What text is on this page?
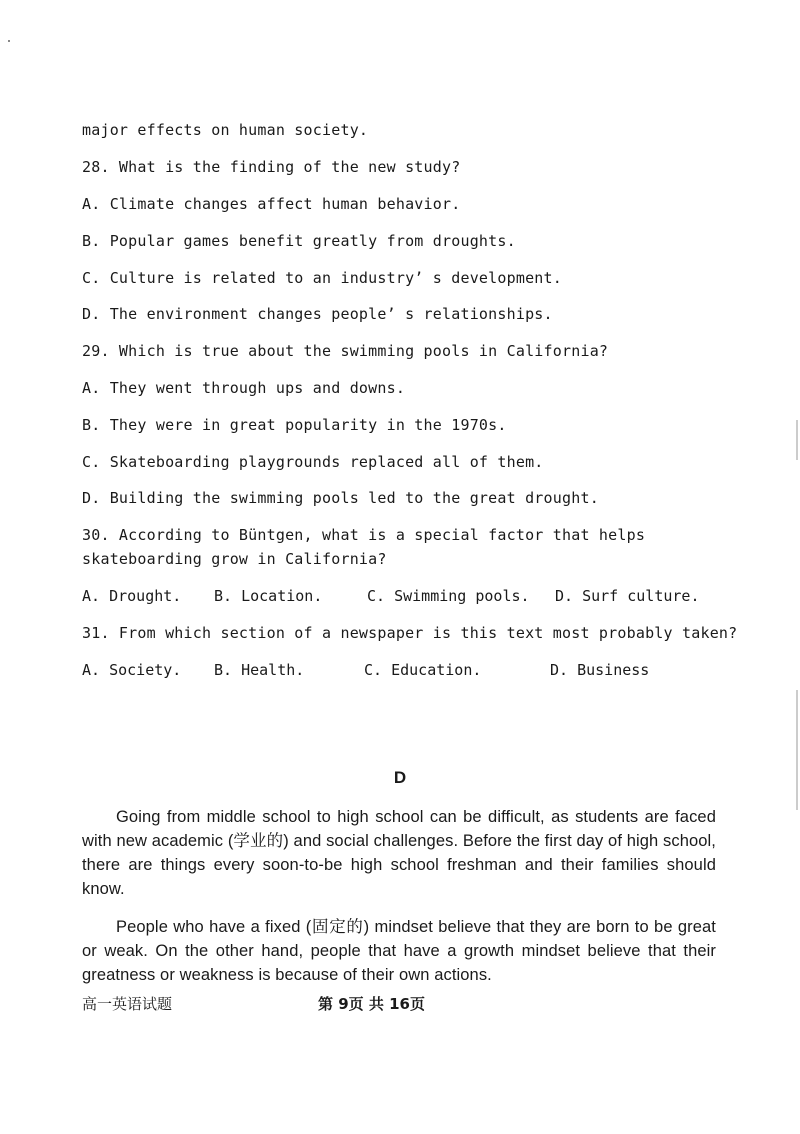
major effects on human society.
28. What is the finding of the new study?
A. Climate changes affect human behavior.
B. Popular games benefit greatly from droughts.
C. Culture is related to an industry’ s development.
D. The environment changes people’ s relationships.
29. Which is true about the swimming pools in California?
A. They went through ups and downs.
B. They were in great popularity in the 1970s.
C. Skateboarding playgrounds replaced all of them.
D. Building the swimming pools led to the great drought.
30. According to Büntgen, what is a special factor that helps
skateboarding grow in California?

A. Drought.

B. Location.

	C. Swimming pools.

D. Surf culture.

31. From which section of a newspaper is this text most probably taken?

A. Society.

B. Health.

	C. Education.

	D. Business

D

Going from middle school to high school can be difficult, as students are faced with new academic (学业的) and social challenges. Before the first day of high school, there are things every soon-to-be high school freshman and their families should know.

People who have a fixed (固定的) mindset believe that they are born to be great or weak. On the other hand, people that have a growth mindset believe that their greatness or weakness is because of their own actions.

高一英语试题	第 9页 共 16页
